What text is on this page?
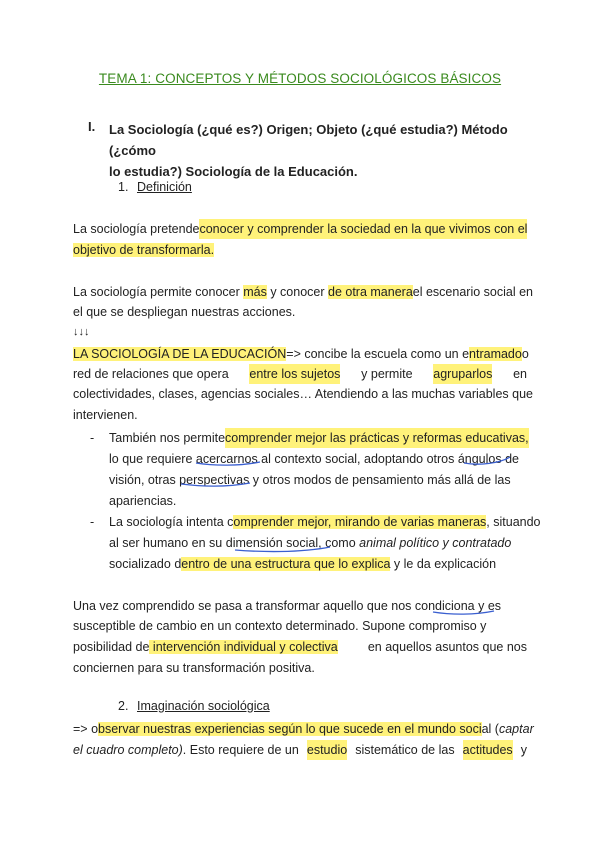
TEMA 1: CONCEPTOS Y MÉTODOS SOCIOLÓGICOS BÁSICOS
I. La Sociología (¿qué es?) Origen; Objeto (¿qué estudia?) Método (¿cómo
lo estudia?) Sociología de la Educación.
1. Definición
La sociología pretende conocer y comprender la sociedad en la que vivimos con el
objetivo de transformarla.
La sociología permite conocer más y conocer de otra manera el escenario social en
el que se despliegan nuestras acciones.
↓↓↓
LA SOCIOLOGÍA DE LA EDUCACIÓN=> concibe la escuela como un entramado o
red de relaciones que opera entre los sujetos y permite agruparlos en
colectividades, clases, agencias sociales… Atendiendo a las muchas variables que
intervienen.
- También nos permite comprender mejor las prácticas y reformas educativas,
lo que requiere acercarnos al contexto social, adoptando otros ángulos de
visión, otras perspectivas y otros modos de pensamiento más allá de las
apariencias.
- La sociología intenta comprender mejor, mirando de varias maneras , situando
al ser humano en su dimensión social, como animal político y contratado
socializado dentro de una estructura que lo explica y le da explicación
Una vez comprendido se pasa a transformar aquello que nos condiciona y es
susceptible de cambio en un contexto determinado. Supone compromiso y
posibilidad de intervención individual y colectiva en aquellos asuntos que nos
conciernen para su transformación positiva.
2. Imaginación sociológica
=> observar nuestras experiencias según lo que sucede en el mundo social ( captar
el cuadro completo). Esto requiere de un estudio sistemático de las actitudes y
